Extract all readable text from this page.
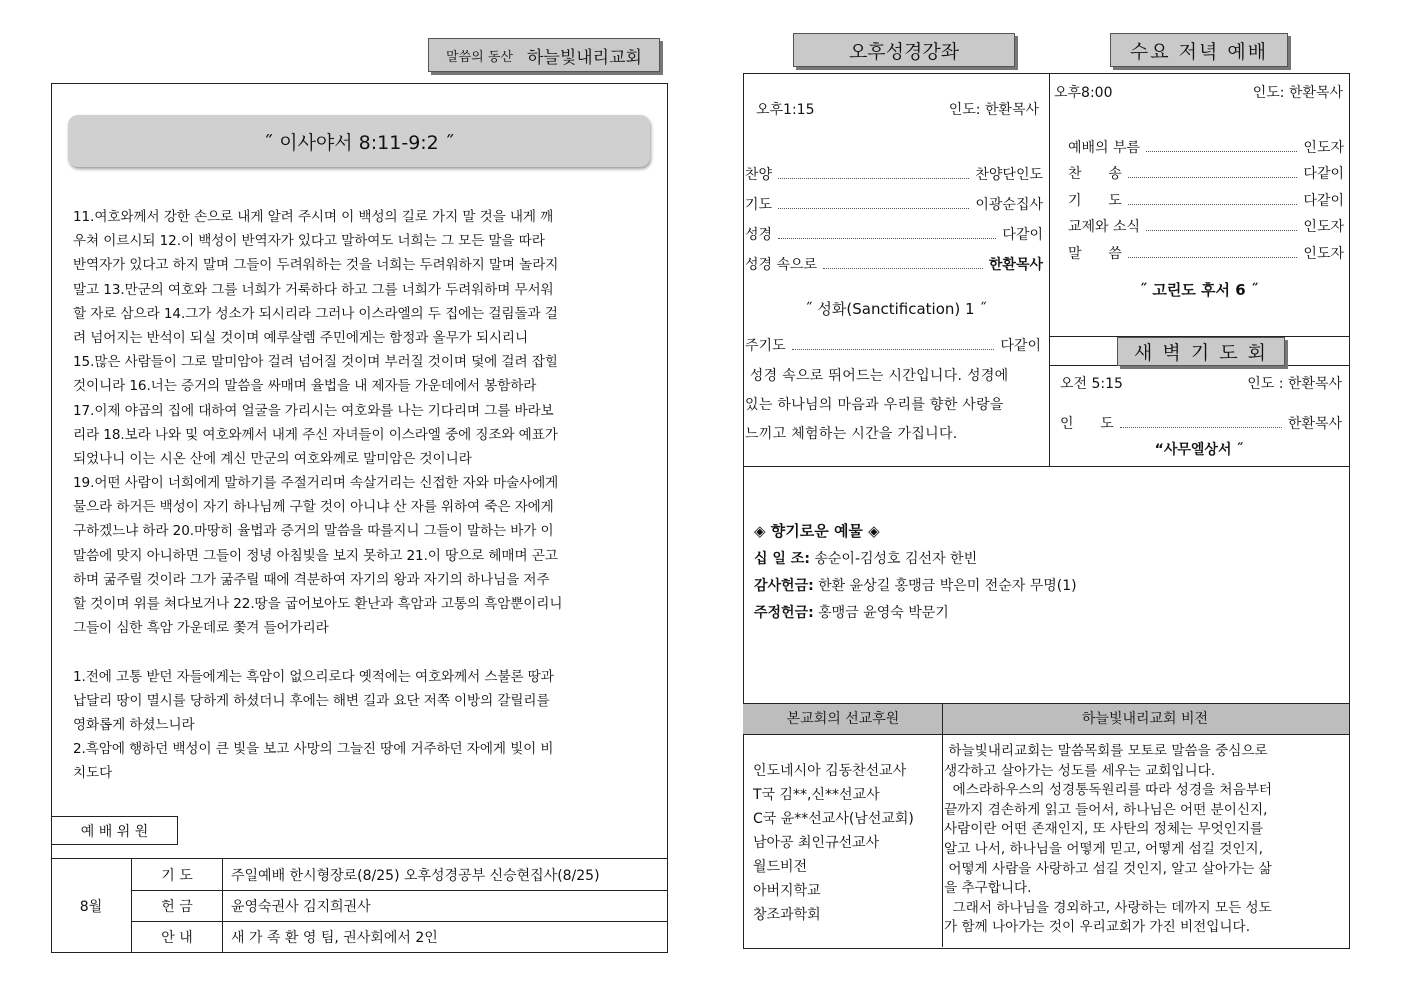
말씀의 동산 하늘빛내리교회
˝ 이사야서 8:11-9:2 ˝
11.여호와께서 강한 손으로 내게 알려 주시며 이 백성의 길로 가지 말 것을 내게 깨
우쳐 이르시되 12.이 백성이 반역자가 있다고 말하여도 너희는 그 모든 말을 따라
반역자가 있다고 하지 말며 그들이 두려워하는 것을 너희는 두려워하지 말며 놀라지
말고 13.만군의 여호와 그를 너희가 거룩하다 하고 그를 너희가 두려워하며 무서워
할 자로 삼으라 14.그가 성소가 되시리라 그러나 이스라엘의 두 집에는 걸림돌과 걸
려 넘어지는 반석이 되실 것이며 예루살렘 주민에게는 함정과 올무가 되시리니
15.많은 사람들이 그로 말미암아 걸려 넘어질 것이며 부러질 것이며 덫에 걸려 잡힐
것이니라 16.너는 증거의 말씀을 싸매며 율법을 내 제자들 가운데에서 봉함하라
17.이제 야곱의 집에 대하여 얼굴을 가리시는 여호와를 나는 기다리며 그를 바라보
리라 18.보라 나와 및 여호와께서 내게 주신 자녀들이 이스라엘 중에 징조와 예표가
되었나니 이는 시온 산에 계신 만군의 여호와께로 말미암은 것이니라
19.어떤 사람이 너희에게 말하기를 주절거리며 속살거리는 신접한 자와 마술사에게
물으라 하거든 백성이 자기 하나님께 구할 것이 아니냐 산 자를 위하여 죽은 자에게
구하겠느냐 하라 20.마땅히 율법과 증거의 말씀을 따를지니 그들이 말하는 바가 이
말씀에 맞지 아니하면 그들이 정녕 아침빛을 보지 못하고 21.이 땅으로 헤매며 곤고
하며 굶주릴 것이라 그가 굶주릴 때에 격분하여 자기의 왕과 자기의 하나님을 저주
할 것이며 위를 쳐다보거나 22.땅을 굽어보아도 환난과 흑암과 고통의 흑암뿐이리니
그들이 심한 흑암 가운데로 쫓겨 들어가리라
1.전에 고통 받던 자들에게는 흑암이 없으리로다 옛적에는 여호와께서 스불론 땅과
납달리 땅이 멸시를 당하게 하셨더니 후에는 해변 길과 요단 저쪽 이방의 갈릴리를
영화롭게 하셨느니라
2.흑암에 행하던 백성이 큰 빛을 보고 사망의 그늘진 땅에 거주하던 자에게 빛이 비
치도다
예 배 위 원
8월	기 도	주일예배 한시형장로(8/25) 오후성경공부 신승현집사(8/25)
	헌 금	윤영숙권사 김지희권사
	안 내	새 가 족 환 영 팀, 권사회에서 2인
오후성경강좌	수요 저녁 예배
오후1:15	인도: 한환목사
찬양	찬양단인도
기도	이광순집사
성경	다같이
성경 속으로	한환목사
˝ 성화(Sanctification) 1 ˝
주기도	다같이
성경 속으로 뛰어드는 시간입니다. 성경에
있는 하나님의 마음과 우리를 향한 사랑을
느끼고 체험하는 시간을 가집니다.
오후8:00	인도: 한환목사
예배의 부름	인도자
찬      송	다같이
기      도	다같이
교제와 소식	인도자
말      씀	인도자
˝ 고린도 후서 6 ˝
새 벽 기 도 회
오전 5:15	인도 : 한환목사
인      도	한환목사
“사무엘상서 ˝
◈ 향기로운 예물 ◈
십 일 조: 송순이-김성호 김선자 한빈
감사헌금: 한환 윤상길 홍맹금 박은미 전순자 무명(1)
주정헌금: 홍맹금 윤영숙 박문기
본교회의 선교후원	하늘빛내리교회 비전
인도네시아 김동찬선교사
T국 김**,신**선교사
C국 윤**선교사(남선교회)
남아공 최인규선교사
월드비전
아버지학교
창조과학회
하늘빛내리교회는 말씀목회를 모토로 말씀을 중심으로
생각하고 살아가는 성도를 세우는 교회입니다.
에스라하우스의 성경통독원리를 따라 성경을 처음부터
끝까지 겸손하게 읽고 들어서, 하나님은 어떤 분이신지,
사람이란 어떤 존재인지, 또 사탄의 정체는 무엇인지를
알고 나서, 하나님을 어떻게 믿고, 어떻게 섬길 것인지,
어떻게 사람을 사랑하고 섬길 것인지, 알고 살아가는 삶
을 추구합니다.
그래서 하나님을 경외하고, 사랑하는 데까지 모든 성도
가 함께 나아가는 것이 우리교회가 가진 비전입니다.
